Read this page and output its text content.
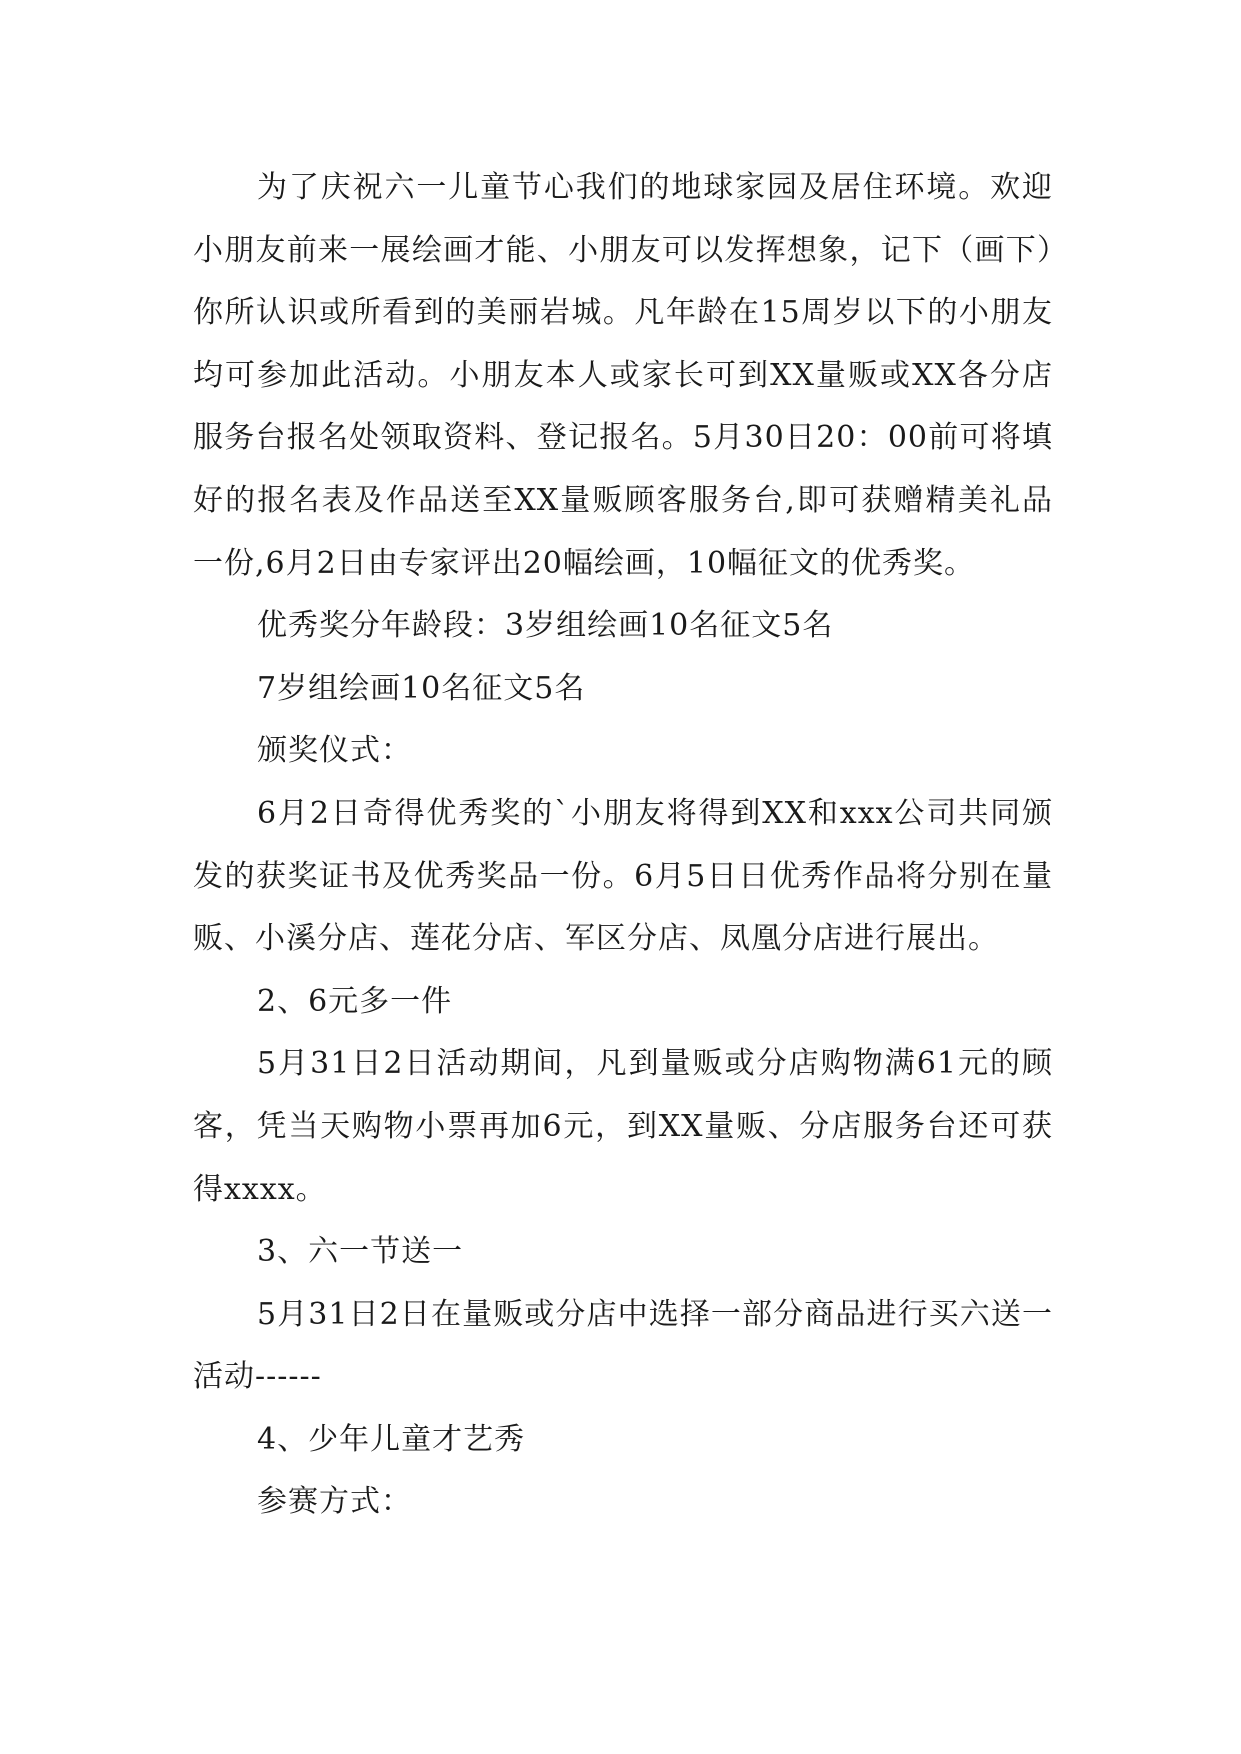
为了庆祝六一儿童节心我们的地球家园及居住环境。欢迎小朋友前来一展绘画才能、小朋友可以发挥想象，记下（画下）你所认识或所看到的美丽岩城。凡年龄在15周岁以下的小朋友均可参加此活动。小朋友本人或家长可到XX量贩或XX各分店服务台报名处领取资料、登记报名。5月30日20：00前可将填好的报名表及作品送至XX量贩顾客服务台,即可获赠精美礼品一份,6月2日由专家评出20幅绘画，10幅征文的优秀奖。

优秀奖分年龄段：3岁组绘画10名征文5名

7岁组绘画10名征文5名

颁奖仪式：

6月2日奇得优秀奖的`小朋友将得到XX和xxx公司共同颁发的获奖证书及优秀奖品一份。6月5日日优秀作品将分别在量贩、小溪分店、莲花分店、军区分店、凤凰分店进行展出。

2、6元多一件

5月31日2日活动期间，凡到量贩或分店购物满61元的顾客，凭当天购物小票再加6元，到XX量贩、分店服务台还可获得xxxx。

3、六一节送一

5月31日2日在量贩或分店中选择一部分商品进行买六送一活动------

4、少年儿童才艺秀

参赛方式：
